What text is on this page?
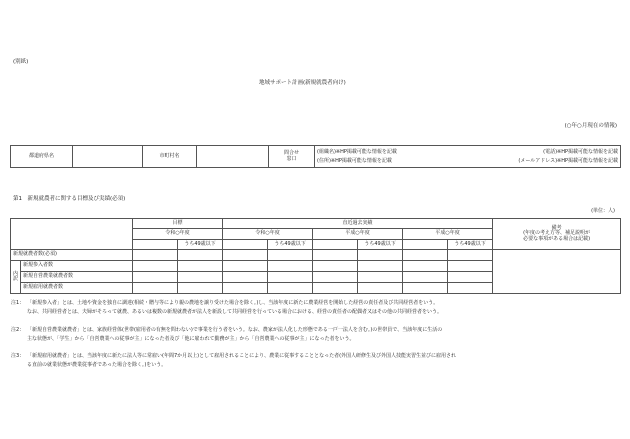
(別紙)
地域サポート計画(新規就農者向け)
(○年○月現在の情報)
都道府県名		市町村名		問合せ
窓口

(組織名)※HP掲載可能な情報を記載	(電話)※HP掲載可能な情報を記載
(住所)※HP掲載可能な情報を記載	(メールアドレス)※HP掲載可能な情報を記載
第1　新規就農者に関する目標及び実績(必須)
(単位：人)
		目標		直近過去実績						備考
(年度の考え方等、補足説明が
必要な事項がある場合は記載)

		令和○年度		令和○年度		平成○年度		平成○年度		
			うち49歳以下		うち49歳以下		うち49歳以下		うち49歳以下	
新規就農者数(必須)										

内
訳	新規参入者数									
	新規自営農業就農者数									
	新規雇用就農者数									
注1： 「新規参入者」とは、土地や資金を独自に調達(相続・贈与等により親の農地を譲り受けた場合を除く。)し、当該年度に新たに農業経営を開始した経営の責任者及び共同経営者をいう。
なお、共同経営者とは、夫婦がそろって就農、あるいは複数の新規就農者が法人を新設して共同経営を行っている場合における、経営の責任者の配偶者又はその他の共同経営者をいう。
注2： 「新規自営農業就農者」とは、家族経営体(世帯(雇用者の有無を問わない)で事業を行う者をいう。なお、農家が法人化した形態である一戸一法人を含む。)の世帯員で、当該年度に生活の
主な状態が、「学生」から「自営農業への従事が主」になった者及び「他に雇われて勤務が主」から「自営農業への従事が主」になった者をいう。
注3： 「新規雇用就農者」とは、当該年度に新たに法人等に常雇い(年間7か月以上)として雇用されることにより、農業に従事することとなった者(外国人研修生及び外国人技能実習生並びに雇用され
る直前の就業状態が農業従事者であった場合を除く。)をいう。
